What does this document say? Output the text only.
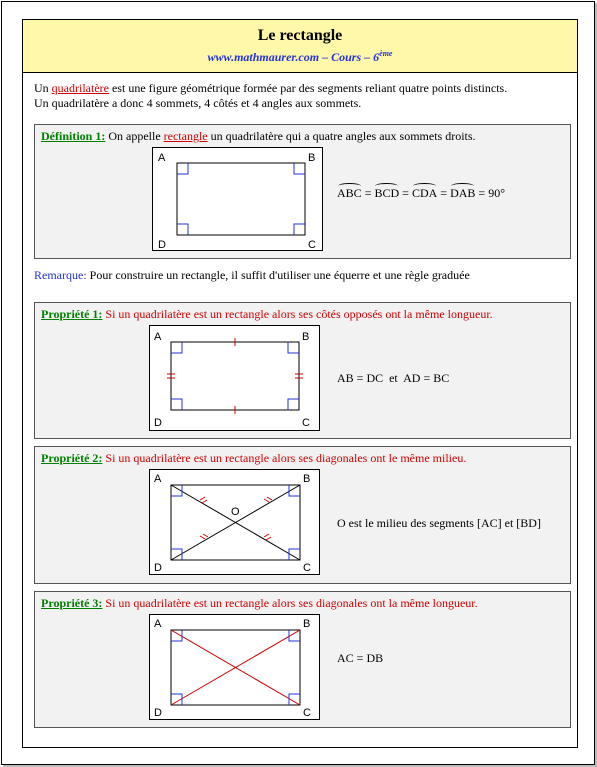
Le rectangle
www.mathmaurer.com – Cours – 6ème
Un quadrilatère est une figure géométrique formée par des segments reliant quatre points distincts.
Un quadrilatère a donc 4 sommets, 4 côtés et 4 angles aux sommets.
Définition 1: On appelle rectangle un quadrilatère qui a quatre angles aux sommets droits.
A	B
C
D
ABC = BCD = CDA = DAB = 90°
Remarque: Pour construire un rectangle, il suffit d'utiliser une équerre et une règle graduée
Propriété 1: Si un quadrilatère est un rectangle alors ses côtés opposés ont la même longueur.
A	B
C
D
AB = DC  et  AD = BC
Propriété 2: Si un quadrilatère est un rectangle alors ses diagonales ont le même milieu.
A	B
C
D
O
O est le milieu des segments [AC] et [BD]
Propriété 3: Si un quadrilatère est un rectangle alors ses diagonales ont la même longueur.
A	B
C
D
AC = DB
